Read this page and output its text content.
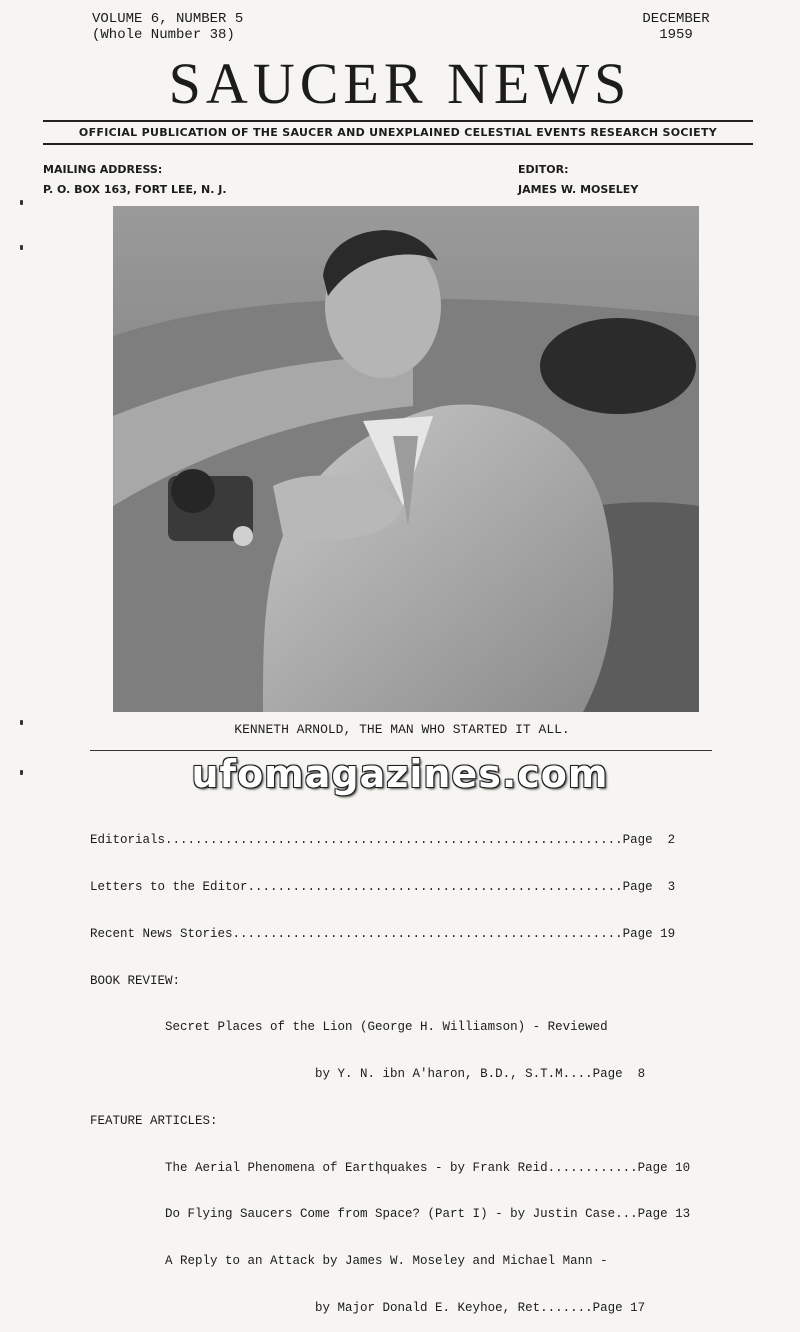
VOLUME 6, NUMBER 5
(Whole Number 38)
DECEMBER
1959
SAUCER NEWS
OFFICIAL PUBLICATION OF THE SAUCER AND UNEXPLAINED CELESTIAL EVENTS RESEARCH SOCIETY
MAILING ADDRESS:
P. O. BOX 163, FORT LEE, N. J.
EDITOR:
JAMES W. MOSELEY
KENNETH ARNOLD, THE MAN WHO STARTED IT ALL.
ufomagazines.com

Editorials.............................................................Page  2

Letters to the Editor..................................................Page  3

Recent News Stories....................................................Page 19

BOOK REVIEW:

Secret Places of the Lion (George H. Williamson) - Reviewed

by Y. N. ibn A'haron, B.D., S.T.M....Page  8

FEATURE ARTICLES:

The Aerial Phenomena of Earthquakes - by Frank Reid............Page 10

Do Flying Saucers Come from Space? (Part I) - by Justin Case...Page 13

A Reply to an Attack by James W. Moseley and Michael Mann -

by Major Donald E. Keyhoe, Ret.......Page 17
